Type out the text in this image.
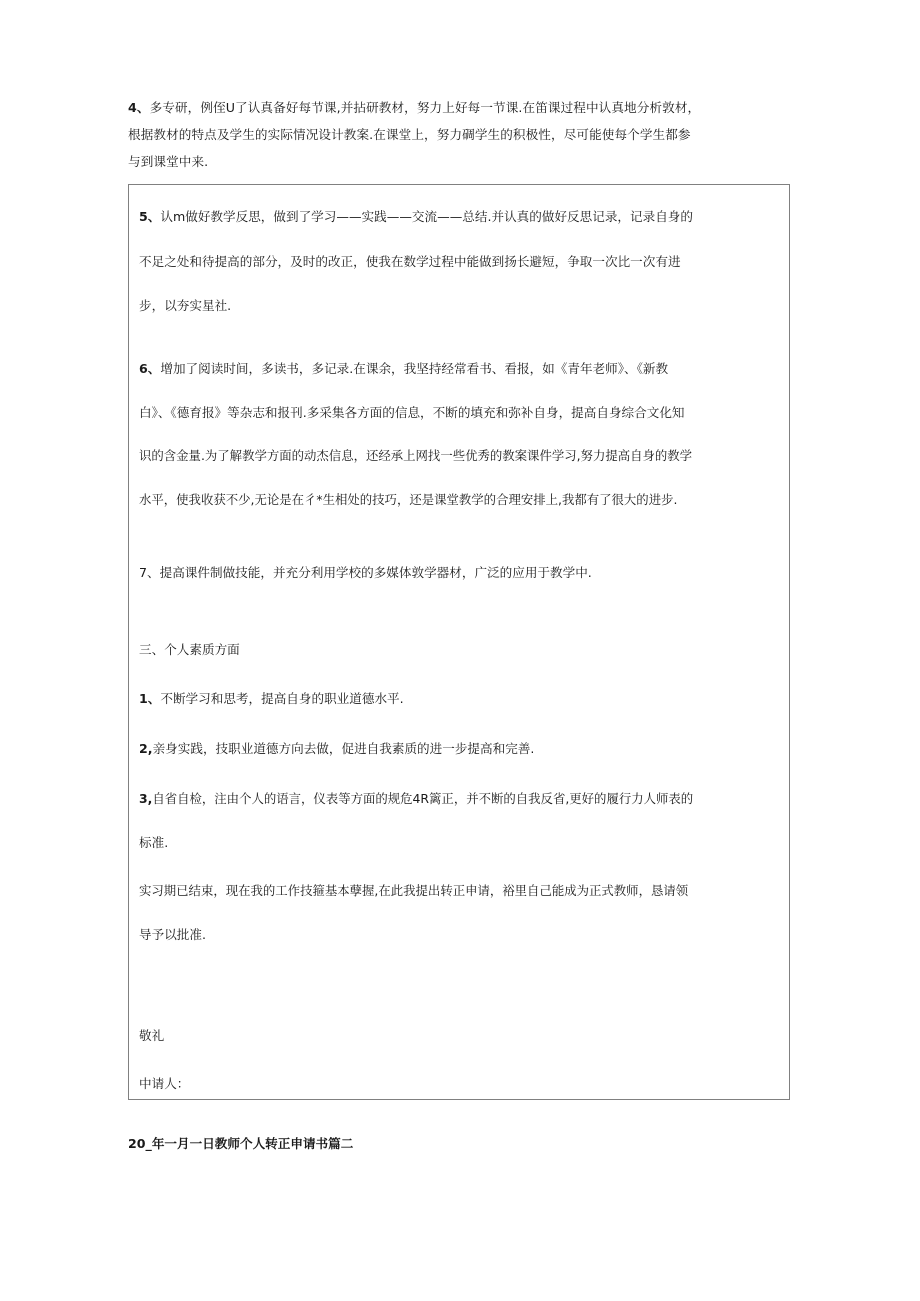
4、多专研，例侄U了认真备好每节课,并拈研教材，努力上好每一节课.在笛课过程中认真地分析敦材，
根据教材的特点及学生的实际情况设计教案.在课堂上，努力碉学生的积极性，尽可能使每个学生都参
与到课堂中来.
5、认m做好教学反思，做到了学习——实践——交流——总结.并认真的做好反思记录，记录自身的
不足之处和待提高的部分，及时的改正，使我在数学过程中能做到扬长避短，争取一次比一次有进
步，以夯实星社.
6、增加了阅读时间，多读书，多记录.在课余，我坚持经常看书、看报，如《青年老师》、《新教
白》、《德育报》等杂志和报刊.多采集各方面的信息，不断的填充和弥补自身，提高自身综合文化知
识的含金量.为了解教学方面的动杰信息，还经承上网找一些优秀的教案课件学习,努力提高自身的教学
水平，使我收获不少,无论是在彳*生相处的技巧，还是课堂教学的合理安排上,我都有了很大的进步.
7、提高课件制做技能，并充分利用学校的多媒体敦学器材，广泛的应用于教学中.
三、个人素质方面
1、不断学习和思考，提高自身的职业道德水平.
2,亲身实践，技职业道德方向去做，促进自我素质的进一步提高和完善.
3,自省自检，注由个人的语言，仪表等方面的规危4R篱正，并不断的自我反省,更好的履行力人师表的
标准.
实习期已结束，现在我的工作技箍基本孽握,在此我提出转正申请，裕里自己能成为正式教师，恳请领
导予以批准.
敬礼
中请人：
20_年一月一日教师个人转正申请书篇二
